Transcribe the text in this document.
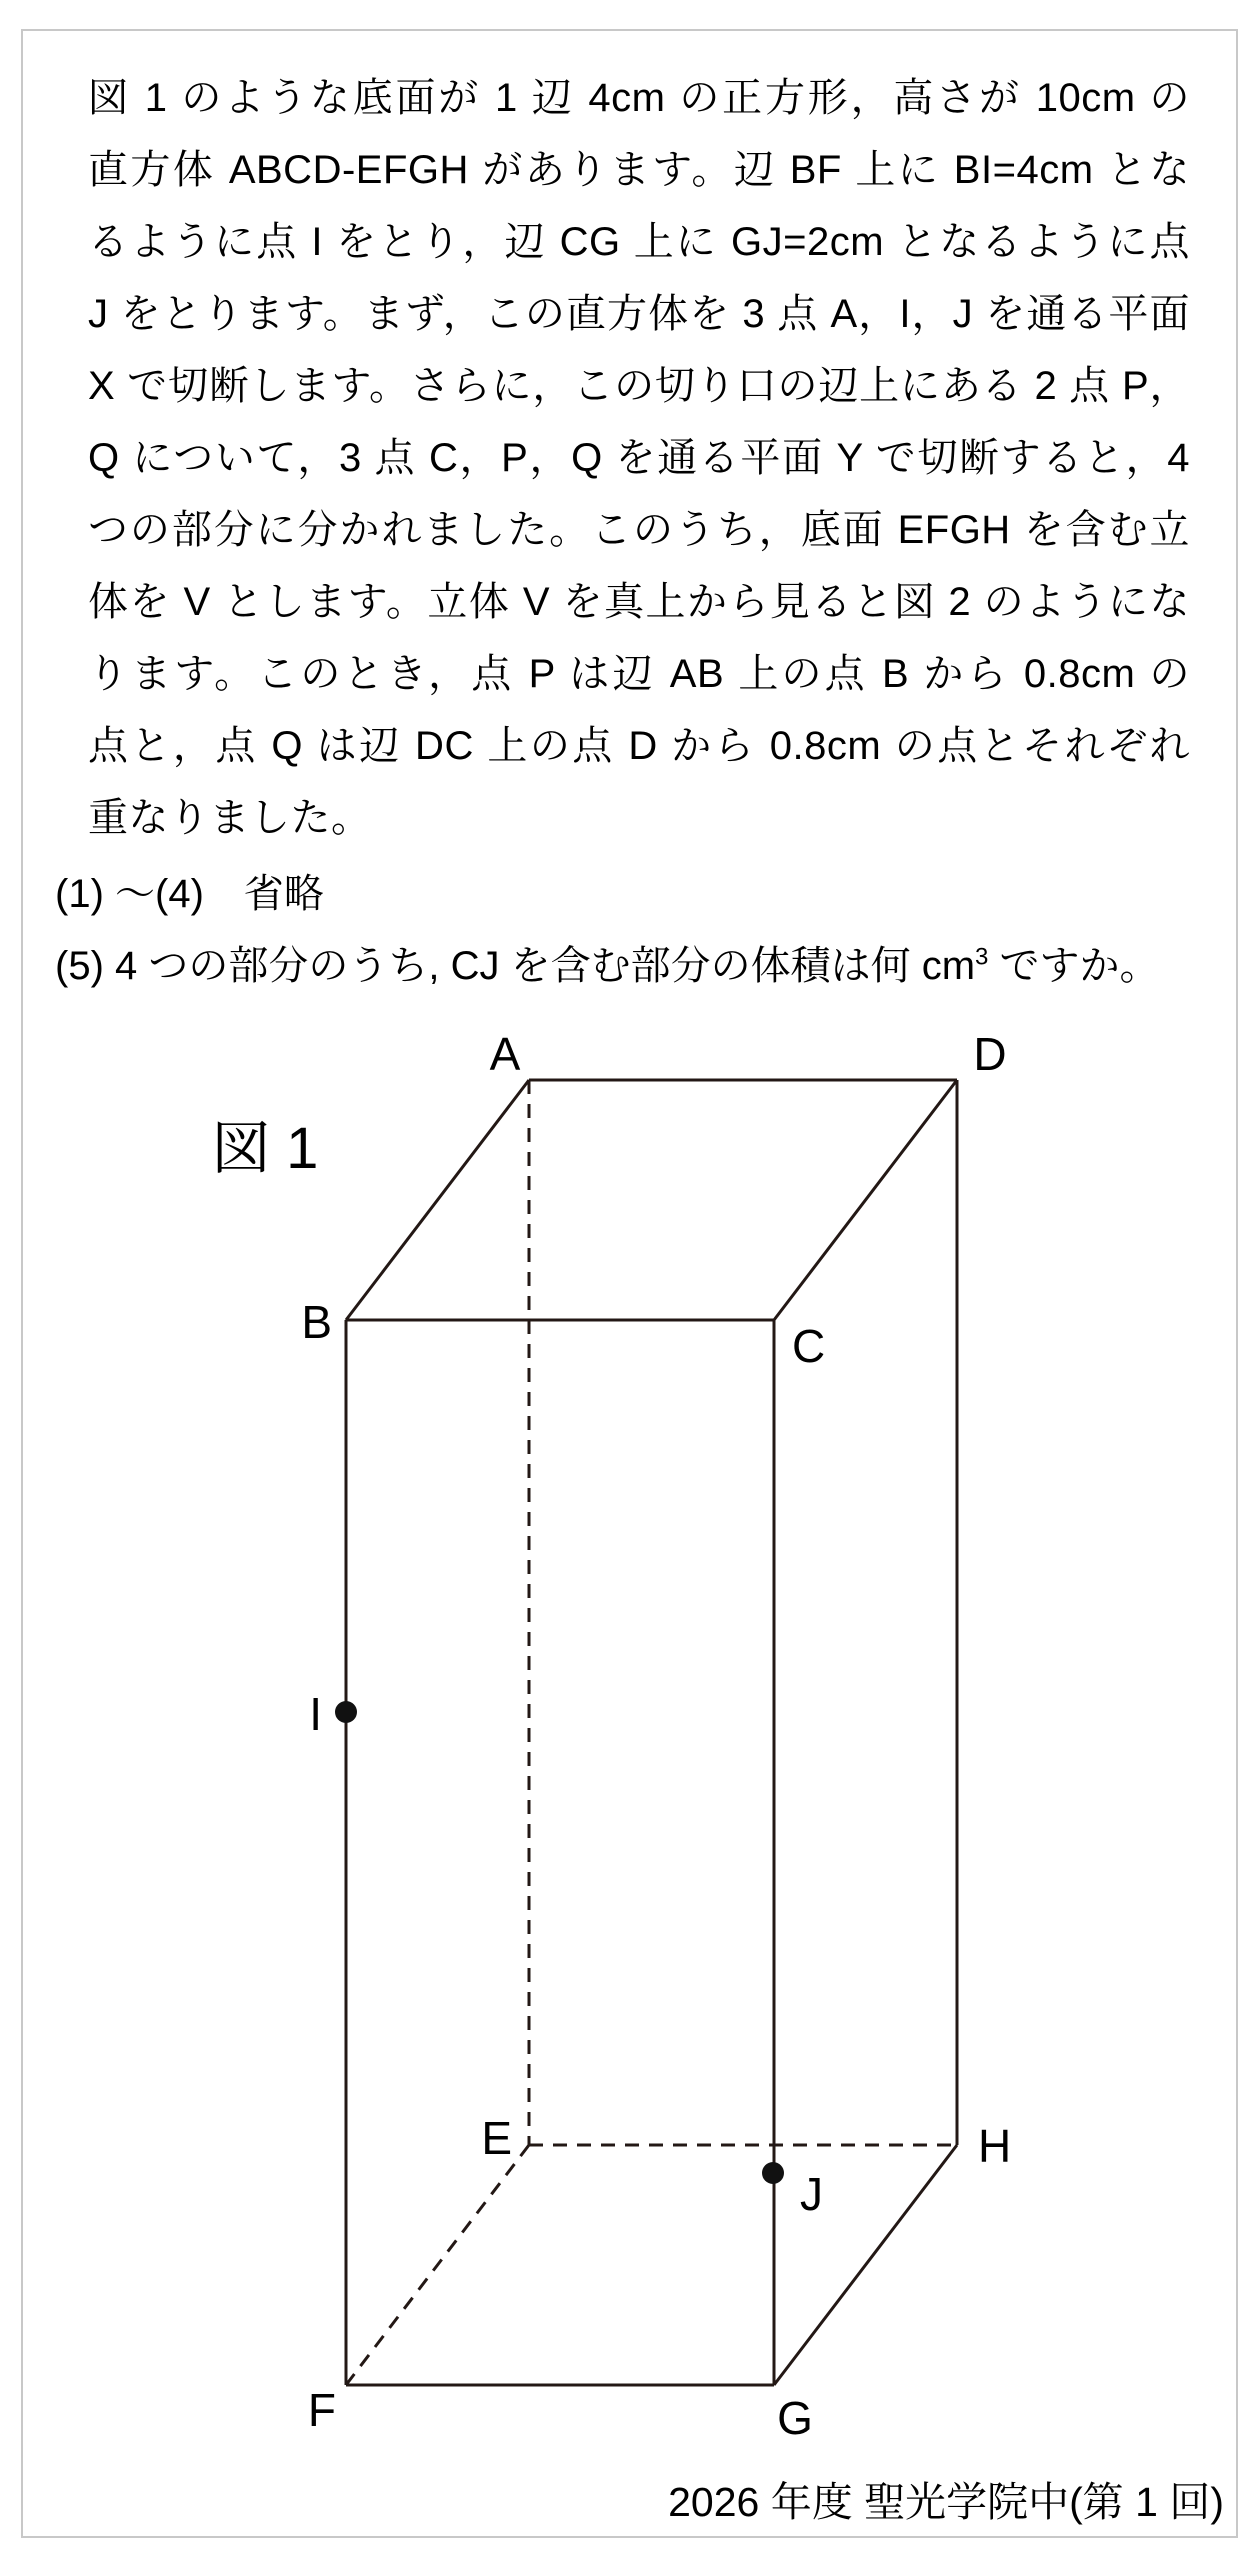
図 1 のような底面が 1 辺 4cm の正方形，高さが 10cm の
直方体 ABCD-EFGH があります。辺 BF 上に BI=4cm とな
るように点 I をとり，辺 CG 上に GJ=2cm となるように点
J をとります。まず，この直方体を 3 点 A，I，J を通る平面
X で切断します。さらに，この切り口の辺上にある 2 点 P，
Q について，3 点 C，P，Q を通る平面 Y で切断すると，4
つの部分に分かれました。このうち，底面 EFGH を含む立
体を V とします。立体 V を真上から見ると図 2 のようにな
ります。このとき，点 P は辺 AB 上の点 B から 0.8cm の
点と，点 Q は辺 DC 上の点 D から 0.8cm の点とそれぞれ
重なりました。
(1) ～(4)　省略
(5) 4 つの部分のうち, CJ を含む部分の体積は何 $cm^3$ ですか。
図 1
A	D
B	C
E	H
F	G
I
J
2026 年度 聖光学院中(第 1 回)
